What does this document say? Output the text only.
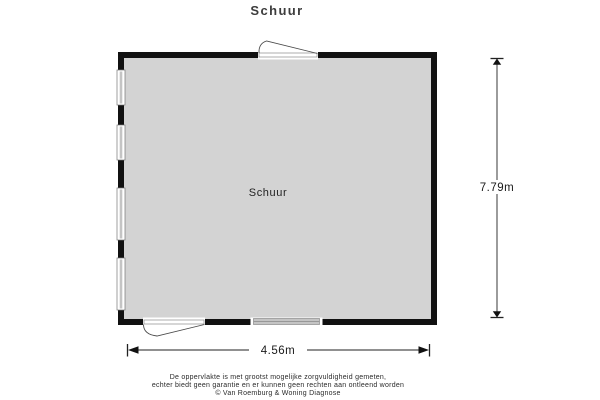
Schuur
Schuur	7.79m
4.56m
De oppervlakte is met grootst mogelijke zorgvuldigheid gemeten,
echter biedt geen garantie en er kunnen geen rechten aan ontleend worden
© Van Roemburg & Woning Diagnose
